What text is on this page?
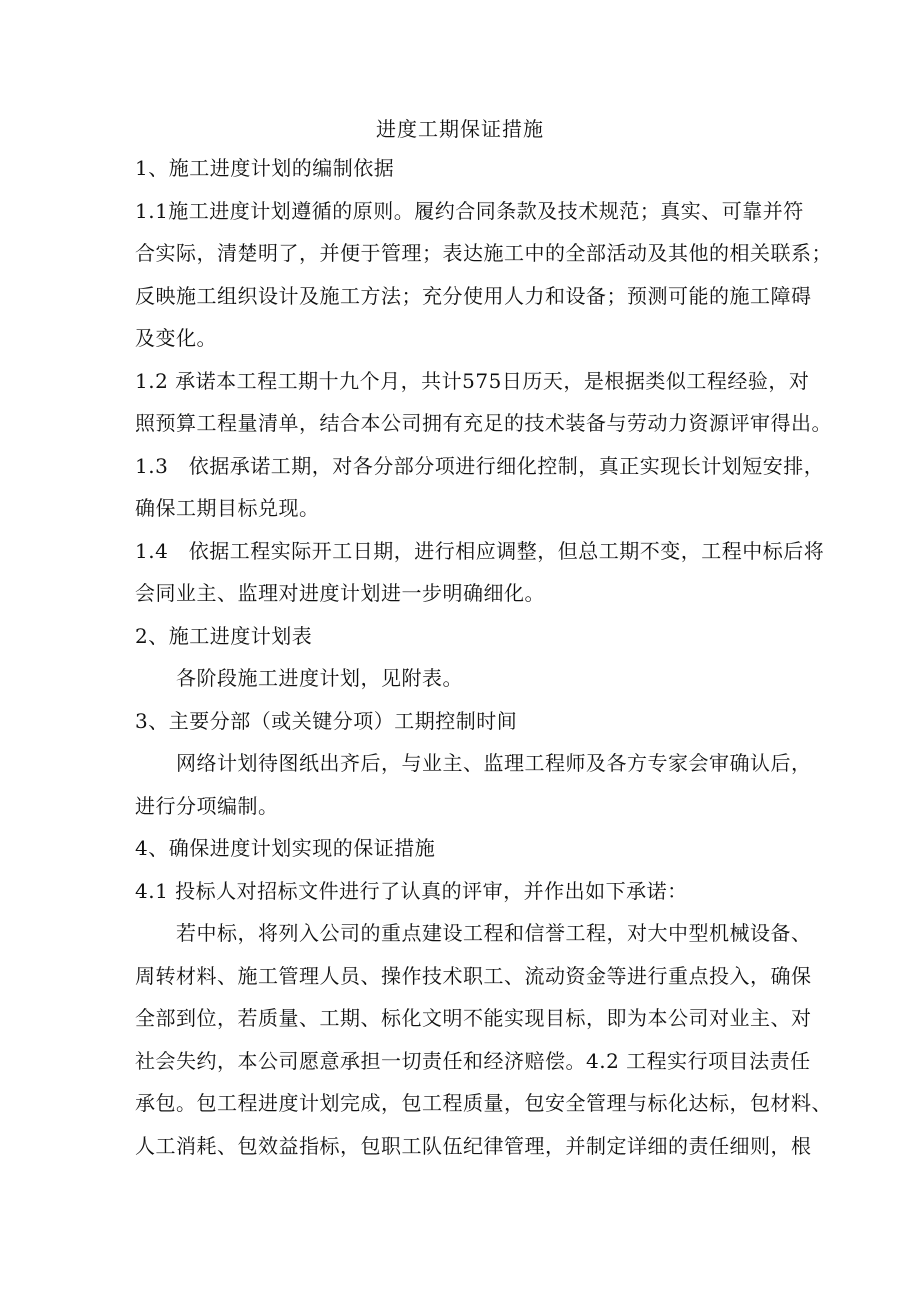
进度工期保证措施
1、施工进度计划的编制依据
1.1施工进度计划遵循的原则。履约合同条款及技术规范；真实、可靠并符
合实际，清楚明了，并便于管理；表达施工中的全部活动及其他的相关联系；
反映施工组织设计及施工方法；充分使用人力和设备；预测可能的施工障碍
及变化。
1.2 承诺本工程工期十九个月，共计575日历天，是根据类似工程经验，对
照预算工程量清单，结合本公司拥有充足的技术装备与劳动力资源评审得出。
1.3　依据承诺工期，对各分部分项进行细化控制，真正实现长计划短安排，
确保工期目标兑现。
1.4　依据工程实际开工日期，进行相应调整，但总工期不变，工程中标后将
会同业主、监理对进度计划进一步明确细化。
2、施工进度计划表
各阶段施工进度计划，见附表。
3、主要分部（或关键分项）工期控制时间
网络计划待图纸出齐后，与业主、监理工程师及各方专家会审确认后，
进行分项编制。
4、确保进度计划实现的保证措施
4.1 投标人对招标文件进行了认真的评审，并作出如下承诺：
若中标，将列入公司的重点建设工程和信誉工程，对大中型机械设备、
周转材料、施工管理人员、操作技术职工、流动资金等进行重点投入，确保
全部到位，若质量、工期、标化文明不能实现目标，即为本公司对业主、对
社会失约，本公司愿意承担一切责任和经济赔偿。4.2 工程实行项目法责任
承包。包工程进度计划完成，包工程质量，包安全管理与标化达标，包材料、
人工消耗、包效益指标，包职工队伍纪律管理，并制定详细的责任细则，根
